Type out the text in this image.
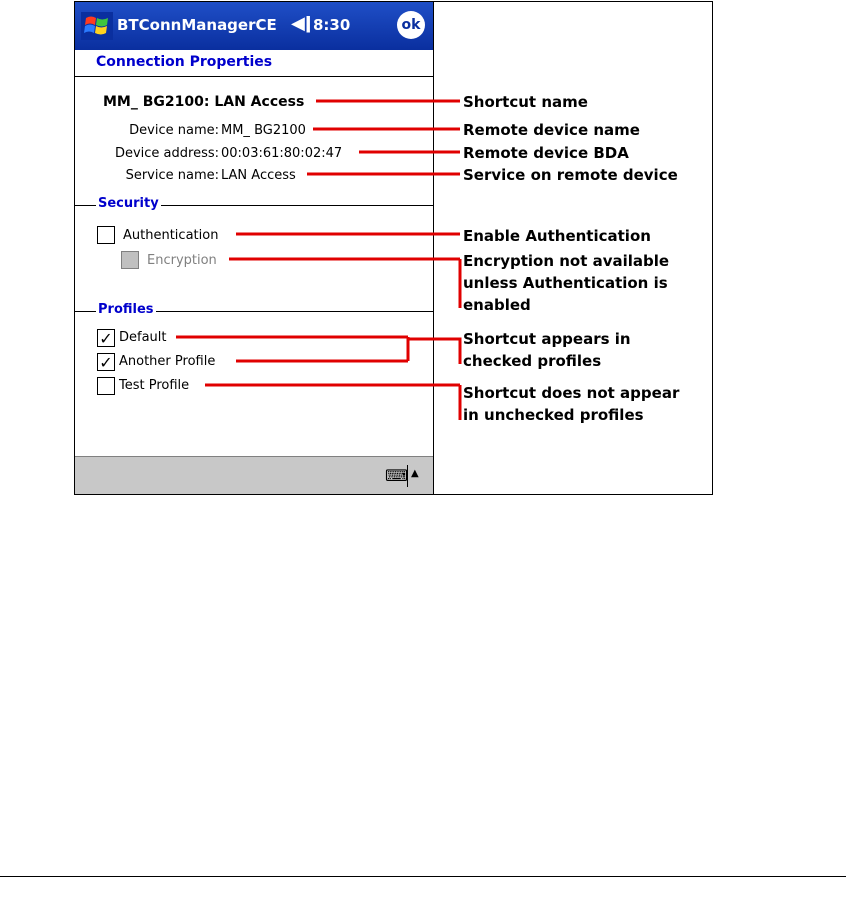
BTConnManagerCE ◀ǀ 8:30	ok
Connection Properties
MM_ BG2100: LAN Access
Device name: MM_ BG2100
Device address: 00:03:61:80:02:47
Service name: LAN Access
Security
Authentication
Encryption
Profiles
✓ Default
✓ Another Profile
Test Profile
⌨ ▲
Shortcut name
Remote device name
Remote device BDA
Service on remote device
Enable Authentication
Encryption not available
unless Authentication is
enabled
Shortcut appears in
checked profiles
Shortcut does not appear
in unchecked profiles
